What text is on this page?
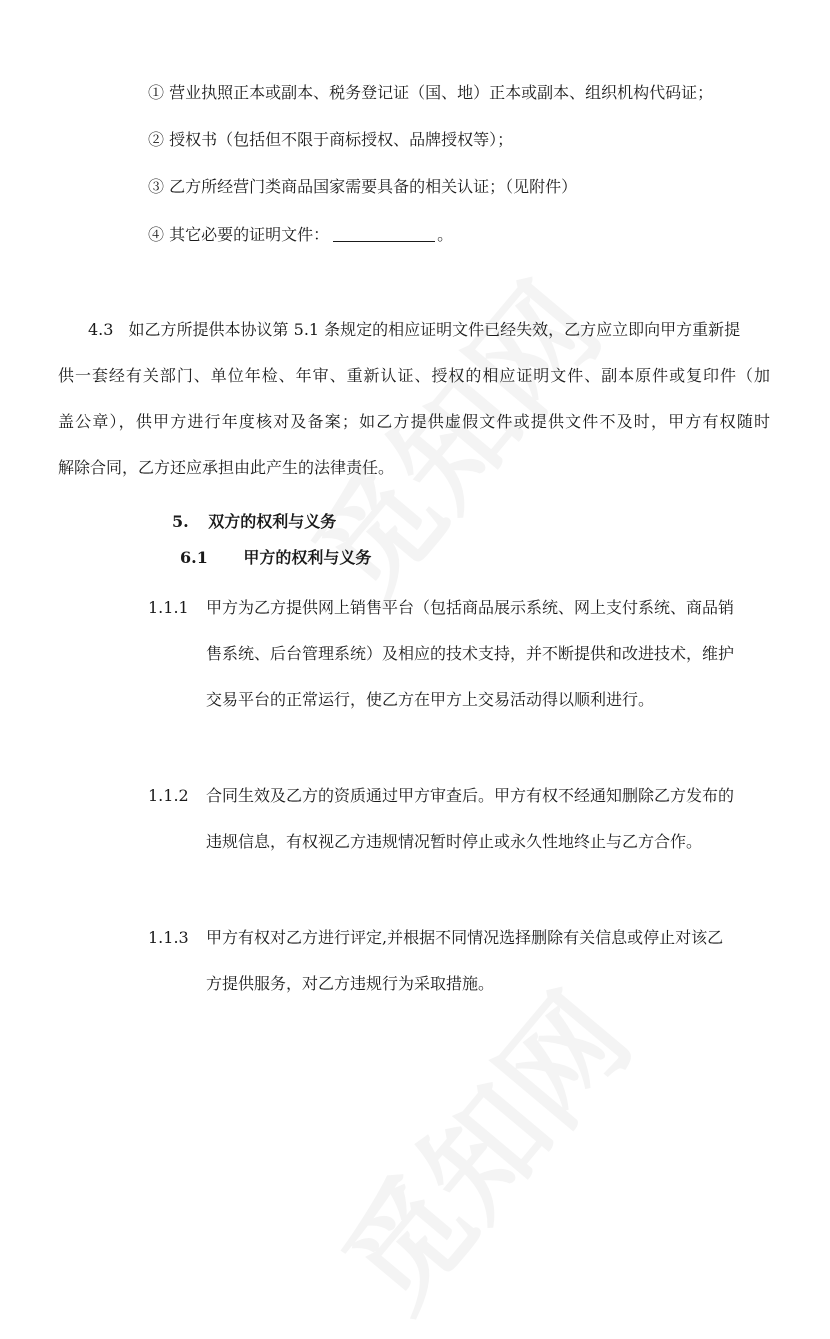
① 营业执照正本或副本、税务登记证（国、地）正本或副本、组织机构代码证；
② 授权书（包括但不限于商标授权、品牌授权等）；
③ 乙方所经营门类商品国家需要具备的相关认证；（见附件）
④ 其它必要的证明文件：	。
4.3 如乙方所提供本协议第 5.1 条规定的相应证明文件已经失效，乙方应立即向甲方重新提
供一套经有关部门、单位年检、年审、重新认证、授权的相应证明文件、副本原件或复印件（加
盖公章），供甲方进行年度核对及备案；如乙方提供虚假文件或提供文件不及时，甲方有权随时
解除合同，乙方还应承担由此产生的法律责任。
5. 双方的权利与义务
6.1 甲方的权利与义务
1.1.1 甲方为乙方提供网上销售平台（包括商品展示系统、网上支付系统、商品销
售系统、后台管理系统）及相应的技术支持，并不断提供和改进技术，维护
交易平台的正常运行，使乙方在甲方上交易活动得以顺利进行。
1.1.2 合同生效及乙方的资质通过甲方审查后。甲方有权不经通知删除乙方发布的
违规信息，有权视乙方违规情况暂时停止或永久性地终止与乙方合作。
1.1.3 甲方有权对乙方进行评定,并根据不同情况选择删除有关信息或停止对该乙
方提供服务，对乙方违规行为采取措施。
